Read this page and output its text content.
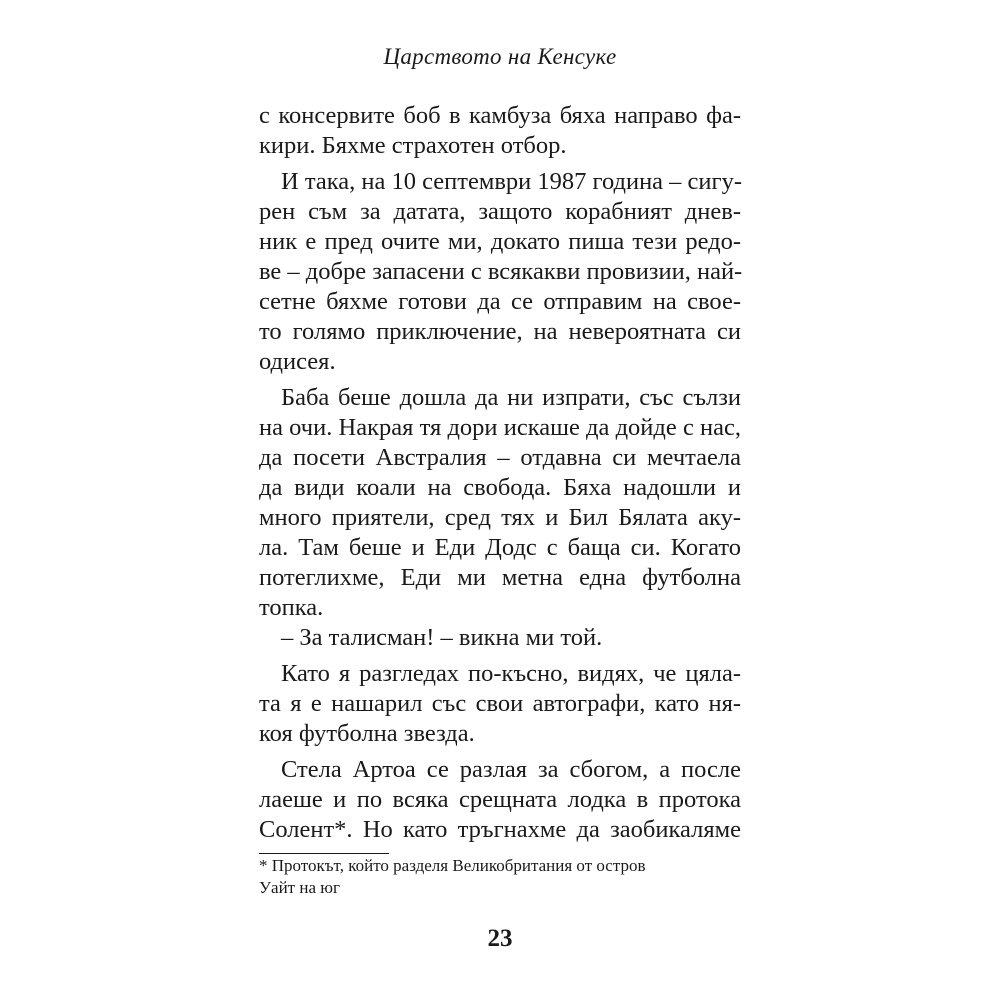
Царството на Кенсуке
с консервите боб в камбуза бяха направо фа-
кири. Бяхме страхотен отбор.
И така, на 10 септември 1987 година – сигу-
рен съм за датата, защото корабният днев-
ник е пред очите ми, докато пиша тези редо-
ве – добре запасени с всякакви провизии, най-
сетне бяхме готови да се отправим на свое-
то голямо приключение, на невероятната си
одисея.
Баба беше дошла да ни изпрати, със сълзи
на очи. Накрая тя дори искаше да дойде с нас,
да посети Австралия – отдавна си мечтаела
да види коали на свобода. Бяха надошли и
много приятели, сред тях и Бил Бялата аку-
ла. Там беше и Еди Додс с баща си. Когато
потеглихме, Еди ми метна една футболна
топка.
– За талисман! – викна ми той.
Като я разгледах по-късно, видях, че цяла-
та я е нашарил със свои автографи, като ня-
коя футболна звезда.
Стела Артоа се разлая за сбогом, а после
лаеше и по всяка срещната лодка в протока
Солент*. Но като тръгнахме да заобикаляме
* Протокът, който разделя Великобритания от остров
Уайт на юг
23
